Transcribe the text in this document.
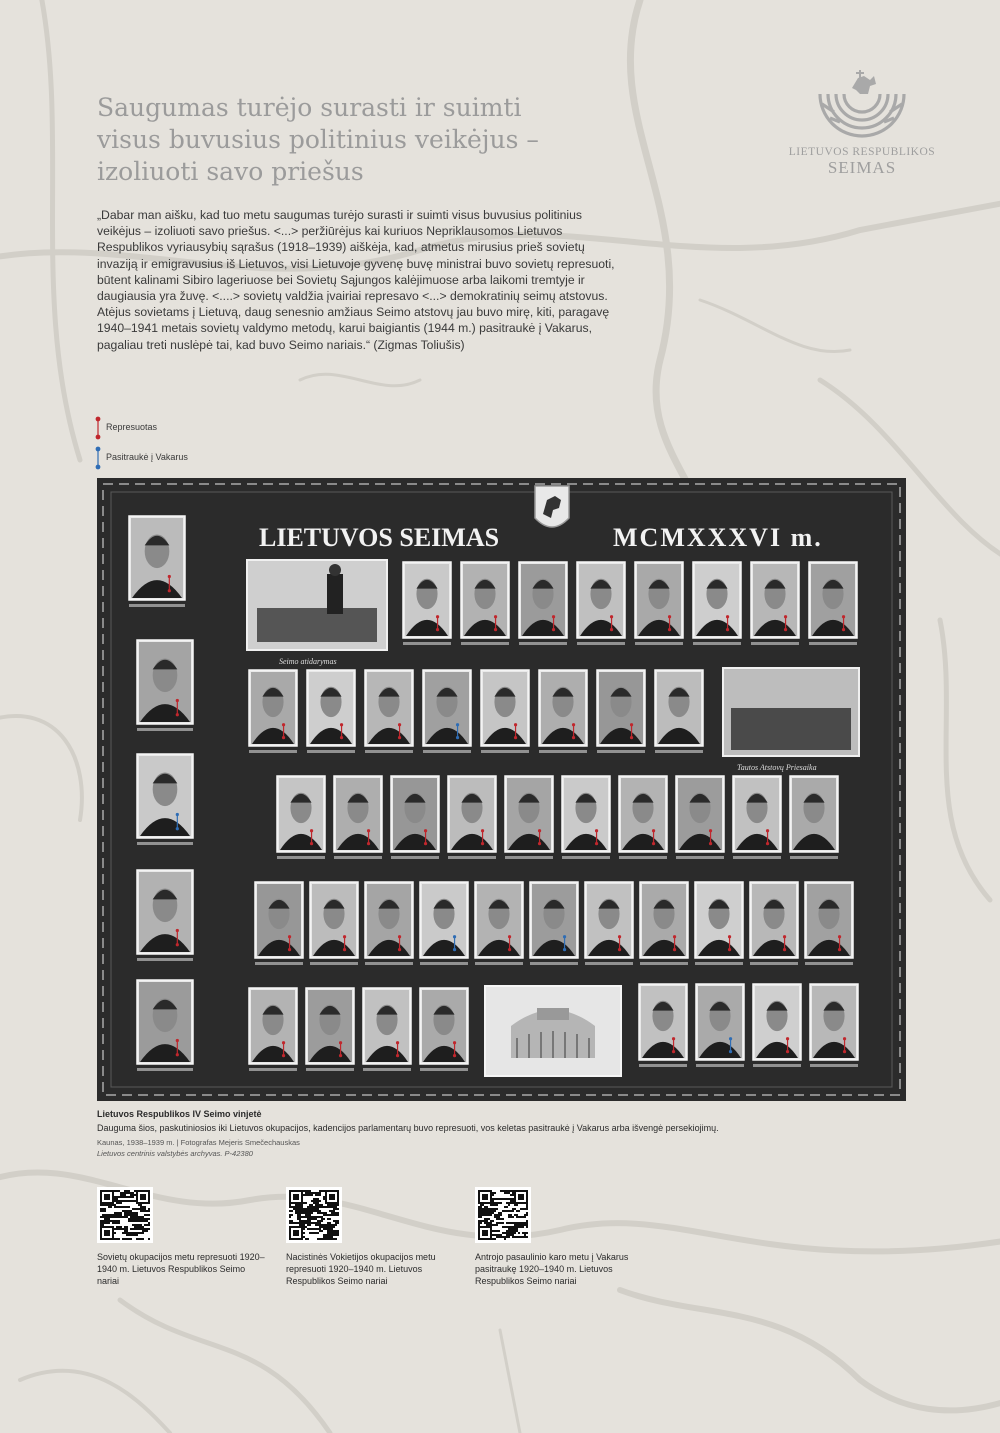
Saugumas turėjo surasti ir suimti
visus buvusius politinius veikėjus –
izoliuoti savo priešus

„Dabar man aišku, kad tuo metu saugumas turėjo surasti ir suimti visus buvusius politinius veikėjus – izoliuoti savo priešus. <...> peržiūrėjus kai kuriuos Nepriklausomos Lietuvos Respublikos vyriausybių sąrašus (1918–1939) aiškėja, kad, atmetus mirusius prieš sovietų invaziją ir emigravusius iš Lietuvos, visi Lietuvoje gyvenę buvę ministrai buvo sovietų represuoti, būtent kalinami Sibiro lageriuose bei Sovietų Sąjungos kalėjimuose arba laikomi tremtyje ir daugiausia yra žuvę. <....> sovietų valdžia įvairiai represavo <...> demokratinių seimų atstovus. Atėjus sovietams į Lietuvą, daug senesnio amžiaus Seimo atstovų jau buvo mirę, kiti, paragavę 1940–1941 metais sovietų valdymo metodų, karui baigiantis (1944 m.) pasitraukė į Vakarus, pagaliau treti nuslėpė tai, kad buvo Seimo nariais.“ (Zigmas Toliušis)

LIETUVOS RESPUBLIKOS
SEIMAS
Represuotas
Pasitraukė į Vakarus
LIETUVOS SEIMAS	MCMXXXVI m.
Seimo atidarymas
Tautos Atstovų Priesaika
Lietuvos Respublikos IV Seimo vinjetė
Dauguma šios, paskutiniosios iki Lietuvos okupacijos, kadencijos parlamentarų buvo represuoti, vos keletas pasitraukė į Vakarus arba išvengė persekiojimų.
Kaunas, 1938–1939 m. | Fotografas Mejeris Smečechauskas
Lietuvos centrinis valstybės archyvas. P-42380
Sovietų okupacijos metu represuoti 1920–1940 m. Lietuvos Respublikos Seimo nariai
Nacistinės Vokietijos okupacijos metu represuoti 1920–1940 m. Lietuvos Respublikos Seimo nariai
Antrojo pasaulinio karo metu į Vakarus pasitraukę 1920–1940 m. Lietuvos Respublikos Seimo nariai
